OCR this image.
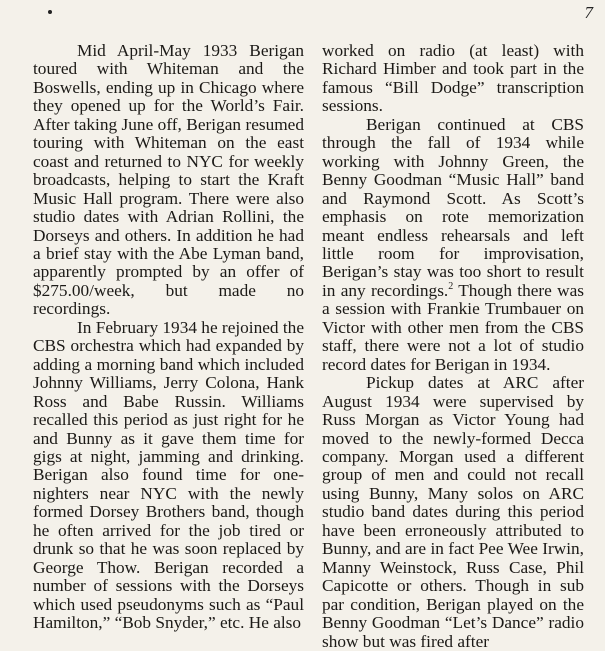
7

Mid April-May 1933 Berigan toured with Whiteman and the Boswells, ending up in Chicago where they opened up for the World’s Fair. After taking June off, Berigan resumed touring with Whiteman on the east coast and returned to NYC for weekly broadcasts, helping to start the Kraft Music Hall program. There were also studio dates with Adrian Rollini, the Dorseys and others. In addition he had a brief stay with the Abe Lyman band, apparently prompted by an offer of $275.00/week, but made no recordings.

In February 1934 he rejoined the CBS orchestra which had expanded by adding a morning band which included Johnny Williams, Jerry Colona, Hank Ross and Babe Russin. Williams recalled this period as just right for he and Bunny as it gave them time for gigs at night, jamming and drinking. Berigan also found time for one-nighters near NYC with the newly formed Dorsey Brothers band, though he often arrived for the job tired or drunk so that he was soon replaced by George Thow. Berigan recorded a number of sessions with the Dorseys which used pseudonyms such as “Paul Hamilton,” “Bob Snyder,” etc. He also

worked on radio (at least) with Richard Himber and took part in the famous “Bill Dodge” transcription sessions.

Berigan continued at CBS through the fall of 1934 while working with Johnny Green, the Benny Goodman “Music Hall” band and Raymond Scott. As Scott’s emphasis on rote memorization meant endless rehearsals and left little room for improvisation, Berigan’s stay was too short to result in any recordings.$^2$ Though there was a session with Frankie Trumbauer on Victor with other men from the CBS staff, there were not a lot of studio record dates for Berigan in 1934.

Pickup dates at ARC after August 1934 were supervised by Russ Morgan as Victor Young had moved to the newly-formed Decca company. Morgan used a different group of men and could not recall using Bunny, Many solos on ARC studio band dates during this period have been erroneously attributed to Bunny, and are in fact Pee Wee Irwin, Manny Weinstock, Russ Case, Phil Capicotte or others. Though in sub par condition, Berigan played on the Benny Goodman “Let’s Dance” radio show but was fired after
